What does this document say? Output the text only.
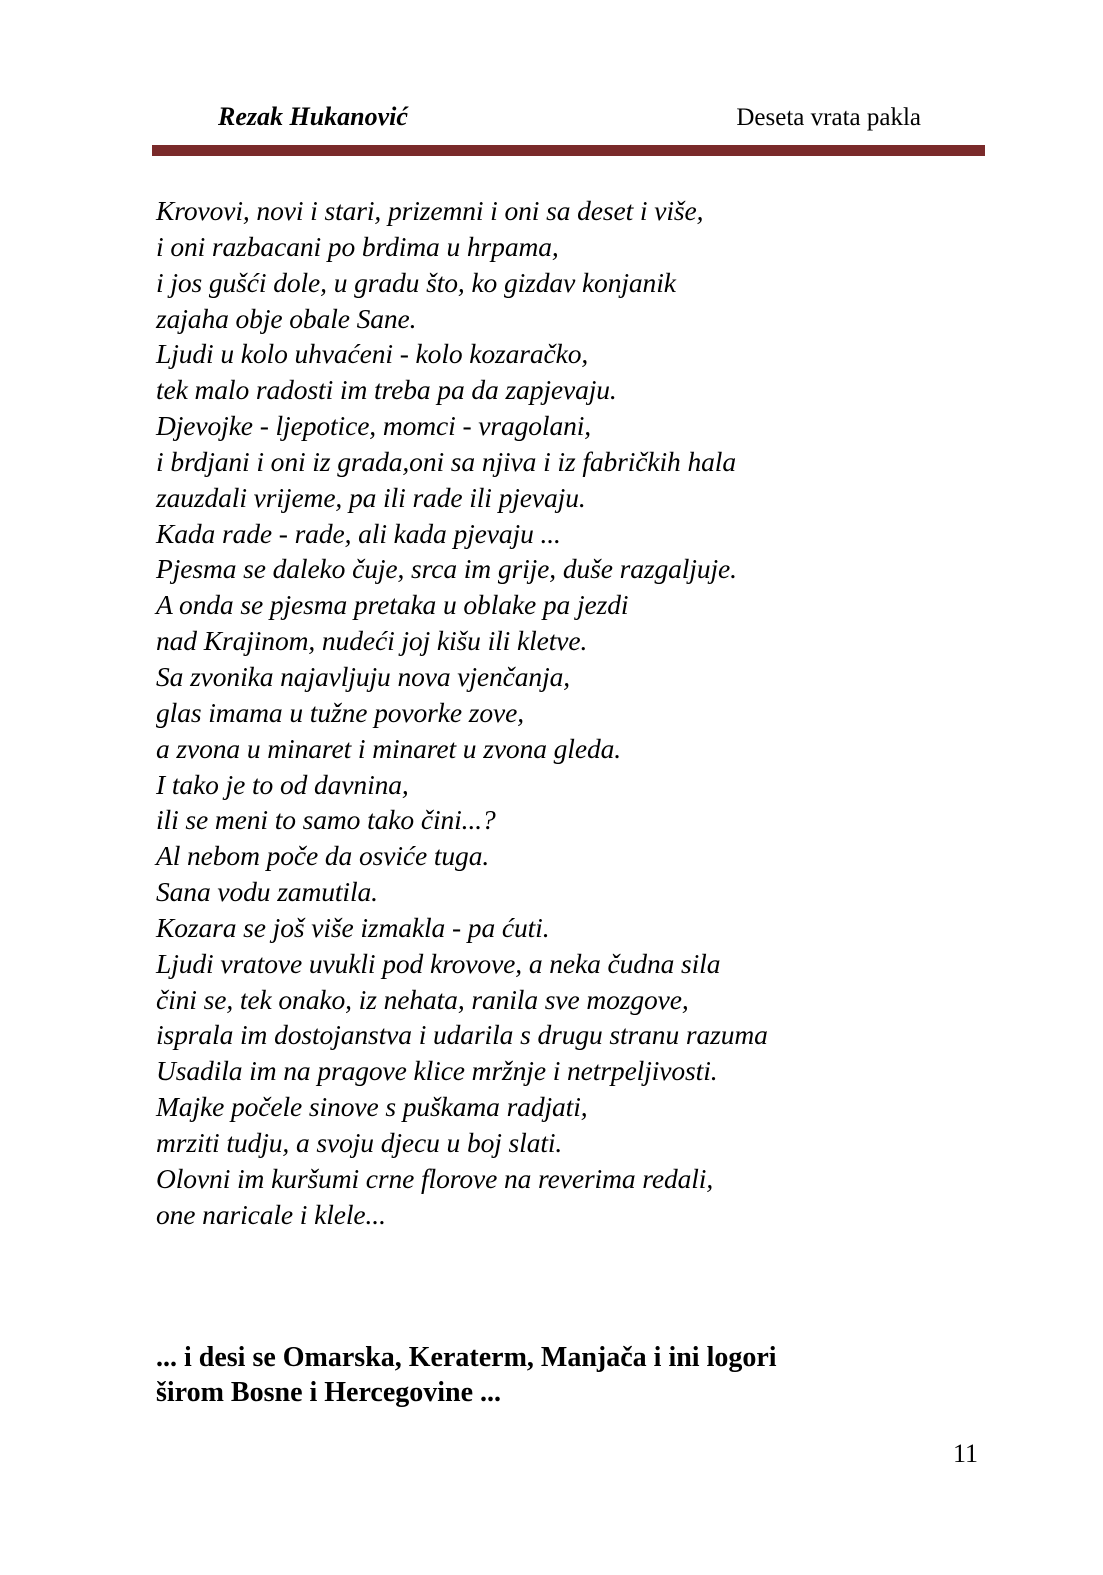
Rezak Hukanović	Deseta vrata pakla
Krovovi, novi i stari, prizemni i oni sa deset i više,
i oni razbacani po brdima u hrpama,
i jos gušći dole, u gradu što, ko gizdav konjanik
zajaha obje obale Sane.
Ljudi u kolo uhvaćeni - kolo kozaračko,
tek malo radosti im treba pa da zapjevaju.
Djevojke - ljepotice, momci - vragolani,
i brdjani i oni iz grada,oni sa njiva i iz fabričkih hala
zauzdali vrijeme, pa ili rade ili pjevaju.
Kada rade - rade, ali kada pjevaju ...
Pjesma se daleko čuje, srca im grije, duše razgaljuje.
A onda se pjesma pretaka u oblake pa jezdi
nad Krajinom, nudeći joj kišu ili kletve.
Sa zvonika najavljuju nova vjenčanja,
glas imama u tužne povorke zove,
a zvona u minaret i minaret u zvona gleda.
I tako je to od davnina,
ili se meni to samo tako čini...?
Al nebom poče da osviće tuga.
Sana vodu zamutila.
Kozara se još više izmakla - pa ćuti.
Ljudi vratove uvukli pod krovove, a neka čudna sila
čini se, tek onako, iz nehata, ranila sve mozgove,
isprala im dostojanstva i udarila s drugu stranu razuma
Usadila im na pragove klice mržnje i netrpeljivosti.
Majke počele sinove s puškama radjati,
mrziti tudju, a svoju djecu u boj slati.
Olovni im kuršumi crne florove na reverima redali,
one naricale i klele...
... i desi se Omarska, Keraterm, Manjača i ini logori
širom Bosne i Hercegovine ...
11
